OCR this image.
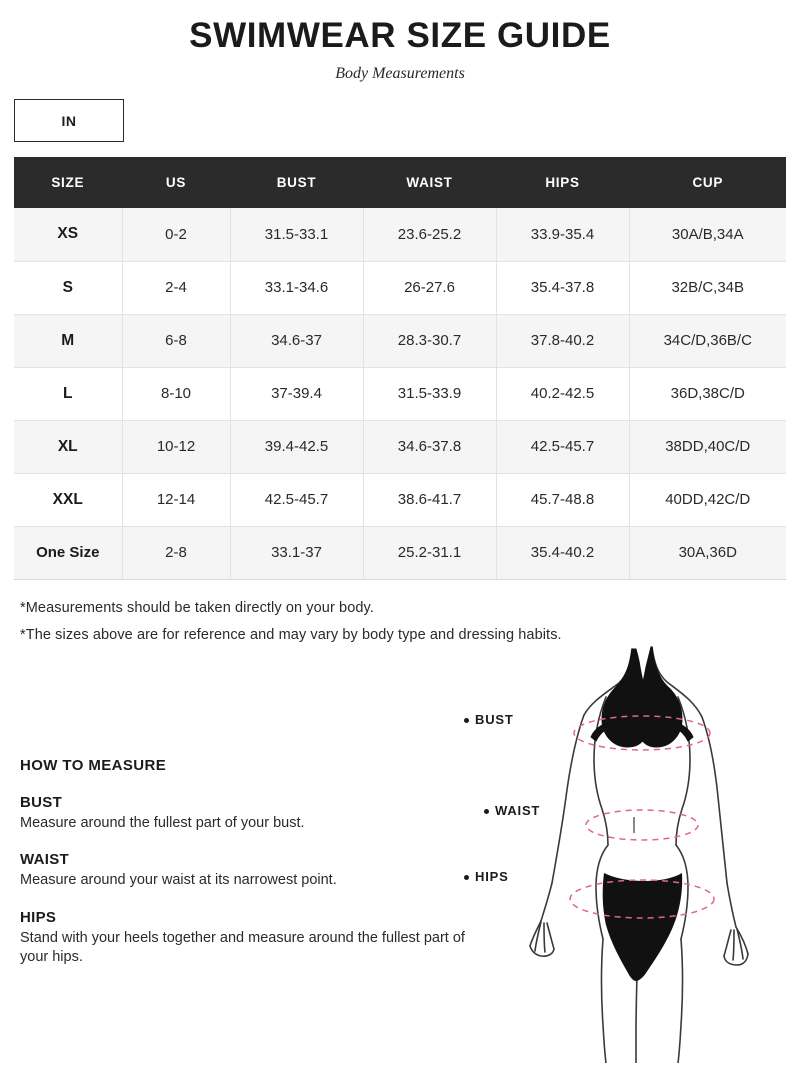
SWIMWEAR SIZE GUIDE
Body Measurements
IN
SIZE	US	BUST	WAIST	HIPS	CUP
XS	0-2	31.5-33.1	23.6-25.2	33.9-35.4	30A/B,34A
S	2-4	33.1-34.6	26-27.6	35.4-37.8	32B/C,34B
M	6-8	34.6-37	28.3-30.7	37.8-40.2	34C/D,36B/C
L	8-10	37-39.4	31.5-33.9	40.2-42.5	36D,38C/D
XL	10-12	39.4-42.5	34.6-37.8	42.5-45.7	38DD,40C/D
XXL	12-14	42.5-45.7	38.6-41.7	45.7-48.8	40DD,42C/D
One Size	2-8	33.1-37	25.2-31.1	35.4-40.2	30A,36D
*Measurements should be taken directly on your body.
*The sizes above are for reference and may vary by body type and dressing habits.
HOW TO MEASURE
BUST
Measure around the fullest part of your bust.
WAIST
Measure around your waist at its narrowest point.
HIPS
Stand with your heels together and measure around the fullest part of your hips.
BUST
WAIST
HIPS
